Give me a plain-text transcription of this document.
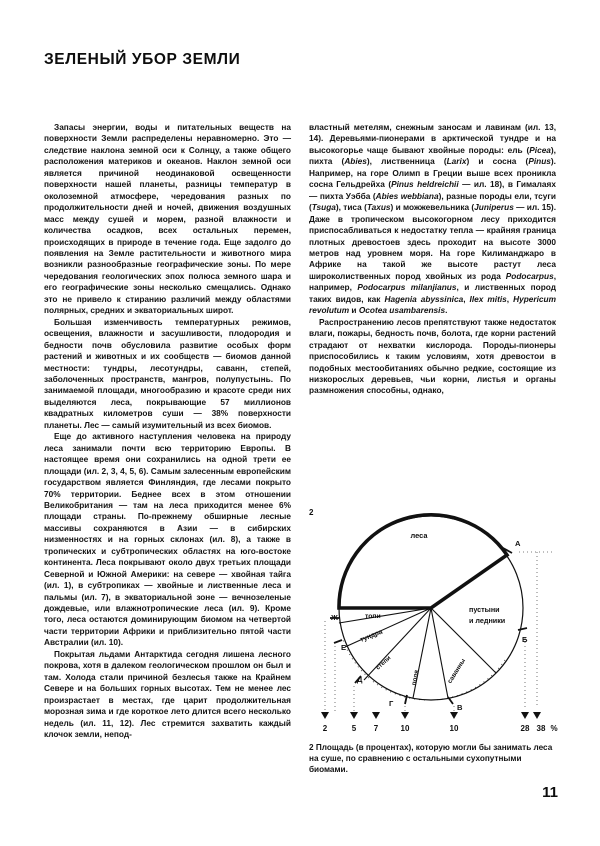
ЗЕЛЕНЫЙ УБОР ЗЕМЛИ

Запасы энергии, воды и питательных веществ на поверхности Земли распределены неравномерно. Это — следствие наклона земной оси к Солнцу, а также общего расположения материков и океанов. Наклон земной оси является причиной неодинаковой освещенности поверхности нашей планеты, разницы температур в околоземной атмосфере, чередования разных по продолжительности дней и ночей, движения воздушных масс между сушей и морем, разной влажности и количества осадков, всех остальных перемен, происходящих в природе в течение года. Еще задолго до появления на Земле растительности и животного мира возникли разнообразные географические зоны. По мере чередования геологических эпох полюса земного шара и его географические зоны несколько смещались. Однако это не привело к стиранию различий между областями полярных, средних и экваториальных широт.

Большая изменчивость температурных режимов, освещения, влажности и засушливости, плодородия и бедности почв обусловила развитие особых форм растений и животных и их сообществ — биомов данной местности: тундры, лесотундры, саванн, степей, заболоченных пространств, мангров, полупустынь. По занимаемой площади, многообразию и красоте среди них выделяются леса, покрывающие 57 миллионов квадратных километров суши — 38% поверхности планеты. Лес — самый изумительный из всех биомов.

Еще до активного наступления человека на природу леса занимали почти всю территорию Европы. В настоящее время они сохранились на одной трети ее площади (ил. 2, 3, 4, 5, 6). Самым залесенным европейским государством является Финляндия, где лесами покрыто 70% территории. Беднее всех в этом отношении Великобритания — там на леса приходится менее 6% площади страны. По-прежнему обширные лесные массивы сохраняются в Азии — в сибирских низменностях и на горных склонах (ил. 8), а также в тропических и субтропических областях на юго-востоке континента. Леса покрывают около двух третьих площади Северной и Южной Америки: на севере — хвойная тайга (ил. 1), в субтропиках — хвойные и лиственные леса и пальмы (ил. 7), в экваториальной зоне — вечнозеленые дождевые, или влажнотропические леса (ил. 9). Кроме того, леса остаются доминирующим биомом на четвертой части территории Африки и приблизительно пятой части Австралии (ил. 10).

Покрытая льдами Антарктида сегодня лишена лесного покрова, хотя в далеком геологическом прошлом он был и там. Холода стали причиной безлесья также на Крайнем Севере и на больших горных высотах. Тем не менее лес произрастает в местах, где царит продолжительная морозная зима и где короткое лето длится всего несколько недель (ил. 11, 12). Лес стремится захватить каждый клочок земли, непод-

властный метелям, снежным заносам и лавинам (ил. 13, 14). Деревьями-пионерами в арктической тундре и на высокогорье чаще бывают хвойные породы: ель (Picea), пихта (Abies), лиственница (Larix) и сосна (Pinus). Например, на горе Олимп в Греции выше всех проникла сосна Гельдрейха (Pinus heldreichii — ил. 18), в Гималаях — пихта Уэбба (Abies webbiana), разные породы ели, тсуги (Tsuga), тиса (Taxus) и можжевельника (Juniperus — ил. 15). Даже в тропическом высокогорном лесу приходится приспосабливаться к недостатку тепла — крайняя граница плотных древостоев здесь проходит на высоте 3000 метров над уровнем моря. На горе Килиманджаро в Африке на такой же высоте растут леса широколиственных пород хвойных из рода Podocarpus, например, Podocarpus milanjianus, и лиственных пород таких видов, как Hagenia abyssinica, Ilex mitis, Hypericum revolutum и Ocotea usambarensis.

Распространению лесов препятствуют также недостаток влаги, пожары, бедность почв, болота, где корни растений страдают от нехватки кислорода. Породы-пионеры приспособились к таким условиям, хотя древостои в подобных местообитаниях обычно редкие, состоящие из низкорослых деревьев, чьи корни, листья и органы размножения способны, однако,

2
леса
пустыни
и ледники
топи
тундра
степи
поля	саванны
А
Б
В
Г
Д
Е
Ж
2	5 7	10	10	28 38 %
2 Площадь (в процентах), которую могли бы занимать леса на суше, по сравнению с остальными сухопутными биомами.
11
